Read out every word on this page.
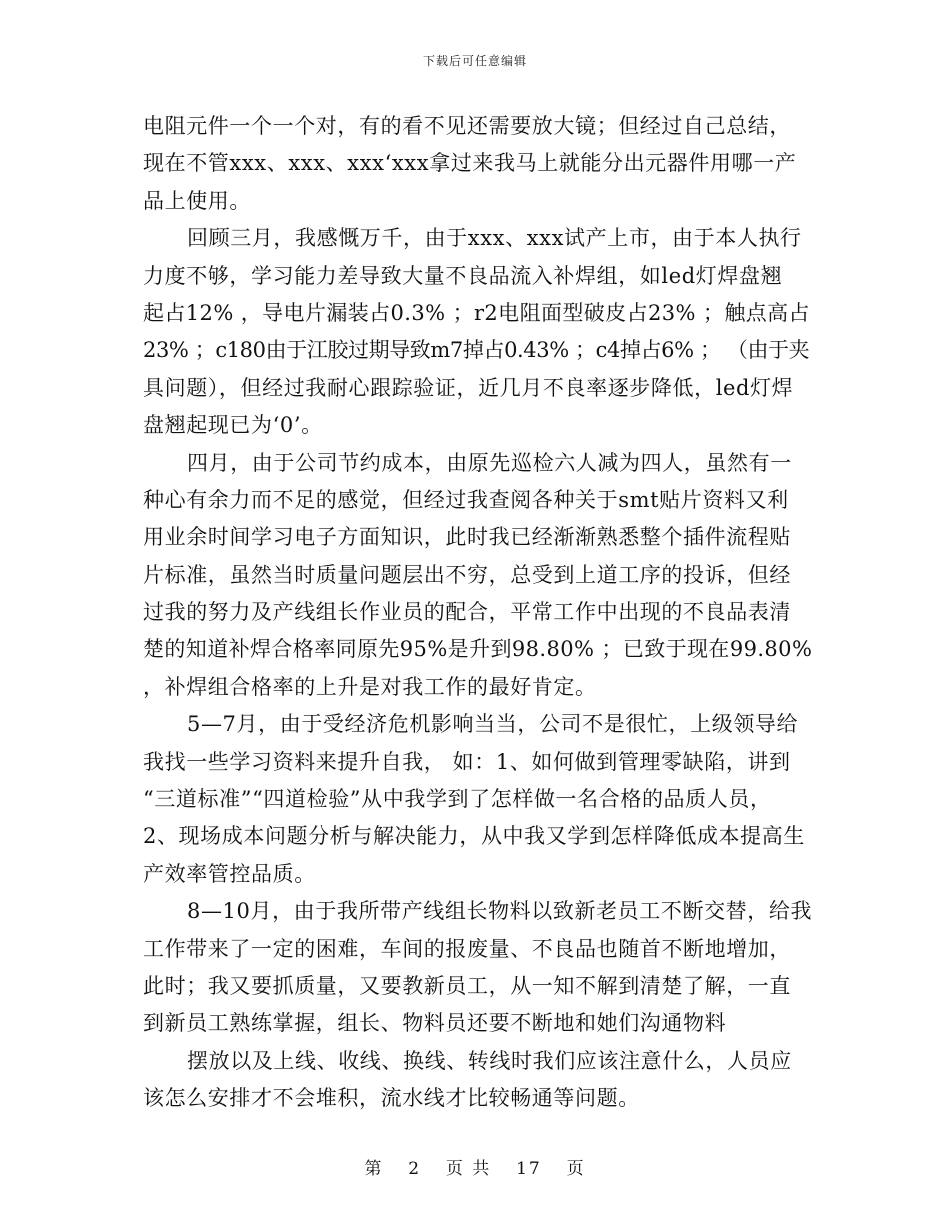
下载后可任意编辑
电阻元件一个一个对，有的看不见还需要放大镜；但经过自己总结，
现在不管xxx、xxx、xxx‘xxx拿过来我马上就能分出元器件用哪一产
品上使用。
回顾三月，我感慨万千，由于xxx、xxx试产上市，由于本人执行
力度不够，学习能力差导致大量不良品流入补焊组，如led灯焊盘翘
起占12% ，导电片漏装占0.3% ；r2电阻面型破皮占23% ；触点高占
23% ；c180由于江胶过期导致m7掉占0.43% ；c4掉占6% ； （由于夹
具问题），但经过我耐心跟踪验证，近几月不良率逐步降低，led灯焊
盘翘起现已为‘0’。
四月，由于公司节约成本，由原先巡检六人减为四人，虽然有一
种心有余力而不足的感觉，但经过我查阅各种关于smt贴片资料又利
用业余时间学习电子方面知识，此时我已经渐渐熟悉整个插件流程贴
片标准，虽然当时质量问题层出不穷，总受到上道工序的投诉，但经
过我的努力及产线组长作业员的配合，平常工作中出现的不良品表清
楚的知道补焊合格率同原先95%是升到98.80% ；已致于现在99.80%
，补焊组合格率的上升是对我工作的最好肯定。
5—7月，由于受经济危机影响当当，公司不是很忙，上级领导给
我找一些学习资料来提升自我， 如：1、如何做到管理零缺陷，讲到
“三道标准”“四道检验”从中我学到了怎样做一名合格的品质人员，
2、现场成本问题分析与解决能力，从中我又学到怎样降低成本提高生
产效率管控品质。
8—10月，由于我所带产线组长物料以致新老员工不断交替，给我
工作带来了一定的困难，车间的报废量、不良品也随首不断地增加，
此时；我又要抓质量，又要教新员工，从一知不解到清楚了解，一直
到新员工熟练掌握，组长、物料员还要不断地和她们沟通物料
摆放以及上线、收线、换线、转线时我们应该注意什么，人员应
该怎么安排才不会堆积，流水线才比较畅通等问题。
第 2 页 共 17 页
